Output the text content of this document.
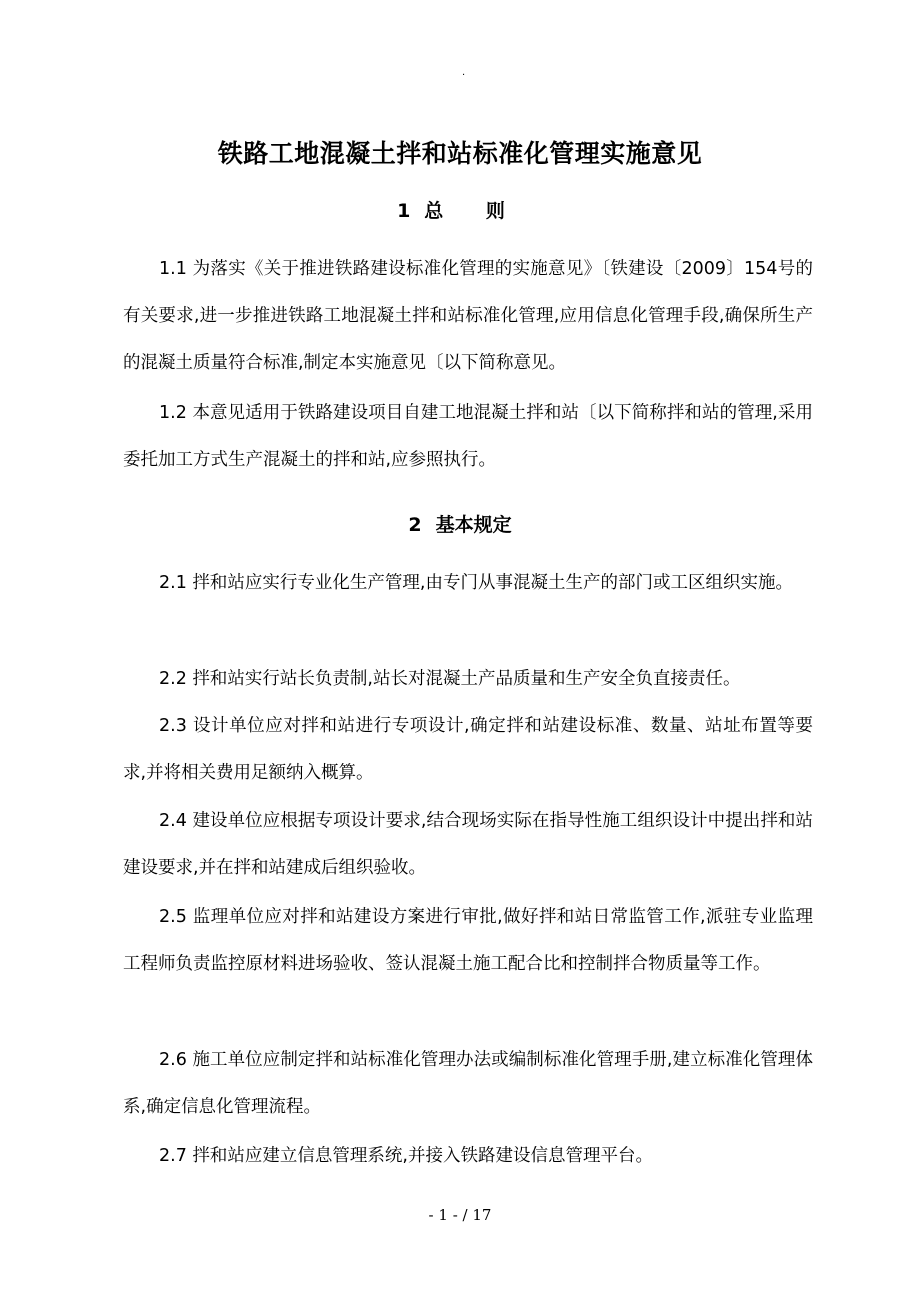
.
铁路工地混凝土拌和站标准化管理实施意见
1 总 则

1.1 为落实《关于推进铁路建设标准化管理的实施意见》〔铁建设〔2009〕154号的有关要求,进一步推进铁路工地混凝土拌和站标准化管理,应用信息化管理手段,确保所生产的混凝土质量符合标准,制定本实施意见〔以下简称意见。

1.2 本意见适用于铁路建设项目自建工地混凝土拌和站〔以下简称拌和站的管理,采用委托加工方式生产混凝土的拌和站,应参照执行。

2 基本规定

2.1 拌和站应实行专业化生产管理,由专门从事混凝土生产的部门或工区组织实施。

2.2 拌和站实行站长负责制,站长对混凝土产品质量和生产安全负直接责任。

2.3 设计单位应对拌和站进行专项设计,确定拌和站建设标准、数量、站址布置等要求,并将相关费用足额纳入概算。

2.4 建设单位应根据专项设计要求,结合现场实际在指导性施工组织设计中提出拌和站建设要求,并在拌和站建成后组织验收。

2.5 监理单位应对拌和站建设方案进行审批,做好拌和站日常监管工作,派驻专业监理工程师负责监控原材料进场验收、签认混凝土施工配合比和控制拌合物质量等工作。

2.6 施工单位应制定拌和站标准化管理办法或编制标准化管理手册,建立标准化管理体系,确定信息化管理流程。

2.7 拌和站应建立信息管理系统,并接入铁路建设信息管理平台。

- 1 - / 17
